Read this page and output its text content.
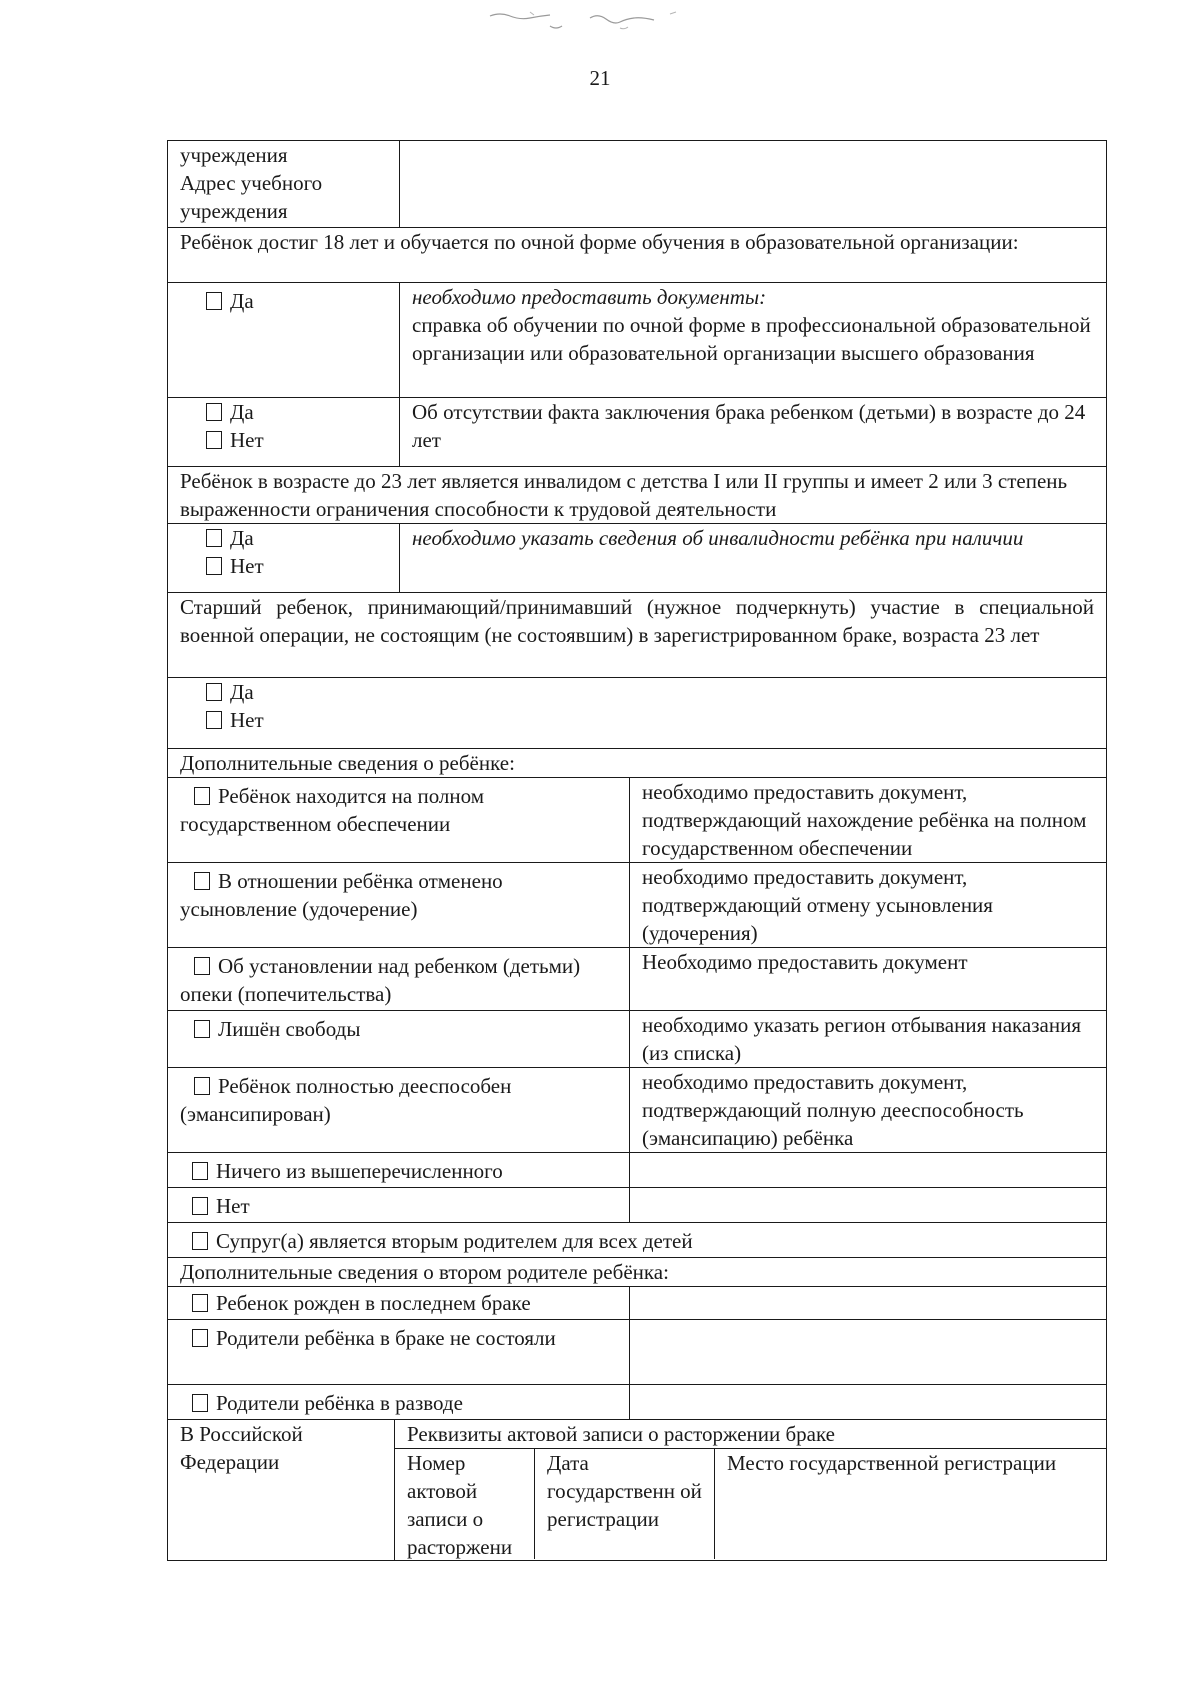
21
учреждения
Адрес учебного
учреждения
Ребёнок достиг 18 лет и обучается по очной форме обучения в образовательной организации:
Да	необходимо предоставить документы:
справка об обучении по очной форме в профессиональной образовательной организации или образовательной организации высшего образования
Да
Нет
Об отсутствии факта заключения брака ребенком (детьми) в возрасте до 24 лет
Ребёнок в возрасте до 23 лет является инвалидом с детства I или II группы и имеет 2 или 3 степень выраженности ограничения способности к трудовой деятельности
Да
Нет
необходимо указать сведения об инвалидности ребёнка при наличии
Старший ребенок, принимающий/принимавший (нужное подчеркнуть) участие в специальной военной операции, не состоящим (не состоявшим) в зарегистрированном браке, возраста 23 лет
Да
Нет
Дополнительные сведения о ребёнке:
Ребёнок находится на полном государственном обеспечении
необходимо предоставить документ, подтверждающий нахождение ребёнка на полном государственном обеспечении
В отношении ребёнка отменено усыновление (удочерение)
необходимо предоставить документ, подтверждающий отмену усыновления (удочерения)
Об установлении над ребенком (детьми) опеки (попечительства)
Необходимо предоставить документ
Лишён свободы	необходимо указать регион отбывания наказания (из списка)
Ребёнок полностью дееспособен (эмансипирован)
необходимо предоставить документ, подтверждающий полную дееспособность (эмансипацию) ребёнка
Ничего из вышеперечисленного
Нет
Супруг(а) является вторым родителем для всех детей
Дополнительные сведения о втором родителе ребёнка:
Ребенок рожден в последнем браке
Родители ребёнка в браке не состояли
Родители ребёнка в разводе
В Российской
Федерации
Реквизиты актовой записи о расторжении браке
Номер актовой записи о расторжени
Дата государственн ой регистрации
Место государственной регистрации
